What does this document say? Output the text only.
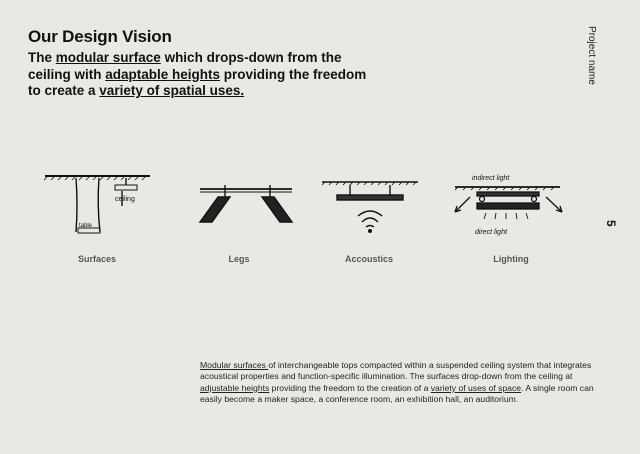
Our Design Vision
The modular surface which drops-down from the ceiling with adaptable heights providing the freedom to create a variety of spatial uses.
Project name
5
ceiling
table
indirect light
direct light
Surfaces	Legs	Accoustics	Lighting
Modular surfaces of interchangeable tops compacted within a suspended ceiling system that integrates acoustical properties and function-specific illumination. The surfaces drop-down from the ceiling at adjustable heights providing the freedom to the creation of a variety of uses of space. A single room can easily become a maker space, a conference room, an exhibition hall, an auditorium.
